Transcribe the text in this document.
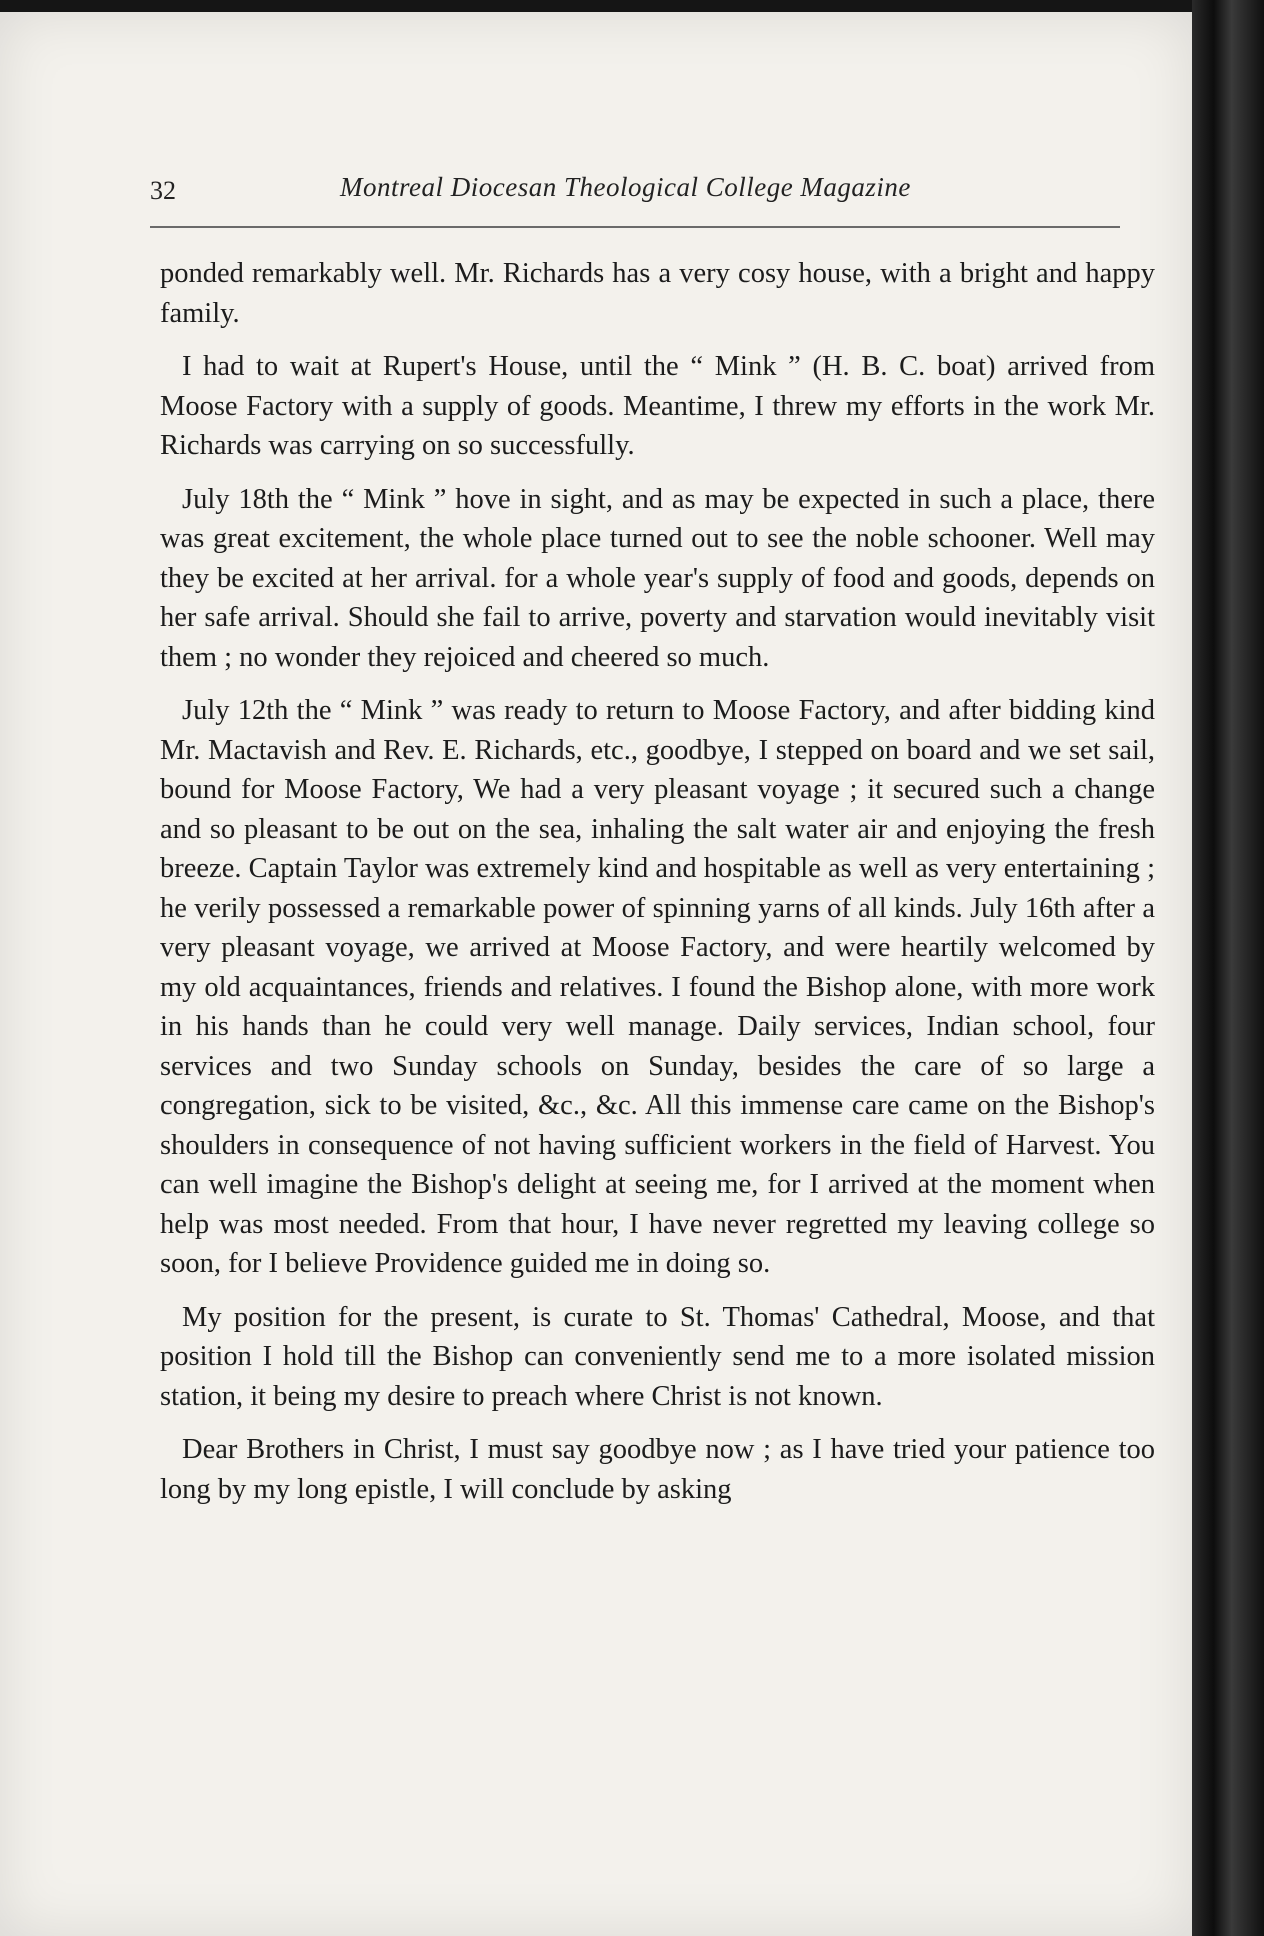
32	Montreal Diocesan Theological College Magazine

ponded remarkably well. Mr. Richards has a very cosy house, with a bright and happy family.

I had to wait at Rupert's House, until the “ Mink ” (H. B. C. boat) arrived from Moose Factory with a supply of goods. Meantime, I threw my efforts in the work Mr. Richards was carrying on so successfully.

July 18th the “ Mink ” hove in sight, and as may be expected in such a place, there was great excitement, the whole place turned out to see the noble schooner. Well may they be excited at her arrival. for a whole year's supply of food and goods, depends on her safe arrival. Should she fail to arrive, poverty and starvation would inevitably visit them ; no wonder they rejoiced and cheered so much.

July 12th the “ Mink ” was ready to return to Moose Factory, and after bidding kind Mr. Mactavish and Rev. E. Richards, etc., goodbye, I stepped on board and we set sail, bound for Moose Factory, We had a very pleasant voyage ; it secured such a change and so pleasant to be out on the sea, inhaling the salt water air and enjoying the fresh breeze. Captain Taylor was extremely kind and hospitable as well as very entertaining ; he verily possessed a remarkable power of spinning yarns of all kinds. July 16th after a very pleasant voyage, we arrived at Moose Factory, and were heartily welcomed by my old acquaintances, friends and relatives. I found the Bishop alone, with more work in his hands than he could very well manage. Daily services, Indian school, four services and two Sunday schools on Sunday, besides the care of so large a congregation, sick to be visited, &c., &c. All this immense care came on the Bishop's shoulders in consequence of not having sufficient workers in the field of Harvest. You can well imagine the Bishop's delight at seeing me, for I arrived at the moment when help was most needed. From that hour, I have never regretted my leaving college so soon, for I believe Providence guided me in doing so.

My position for the present, is curate to St. Thomas' Cathedral, Moose, and that position I hold till the Bishop can conveniently send me to a more isolated mission station, it being my desire to preach where Christ is not known.

Dear Brothers in Christ, I must say goodbye now ; as I have tried your patience too long by my long epistle, I will conclude by asking
